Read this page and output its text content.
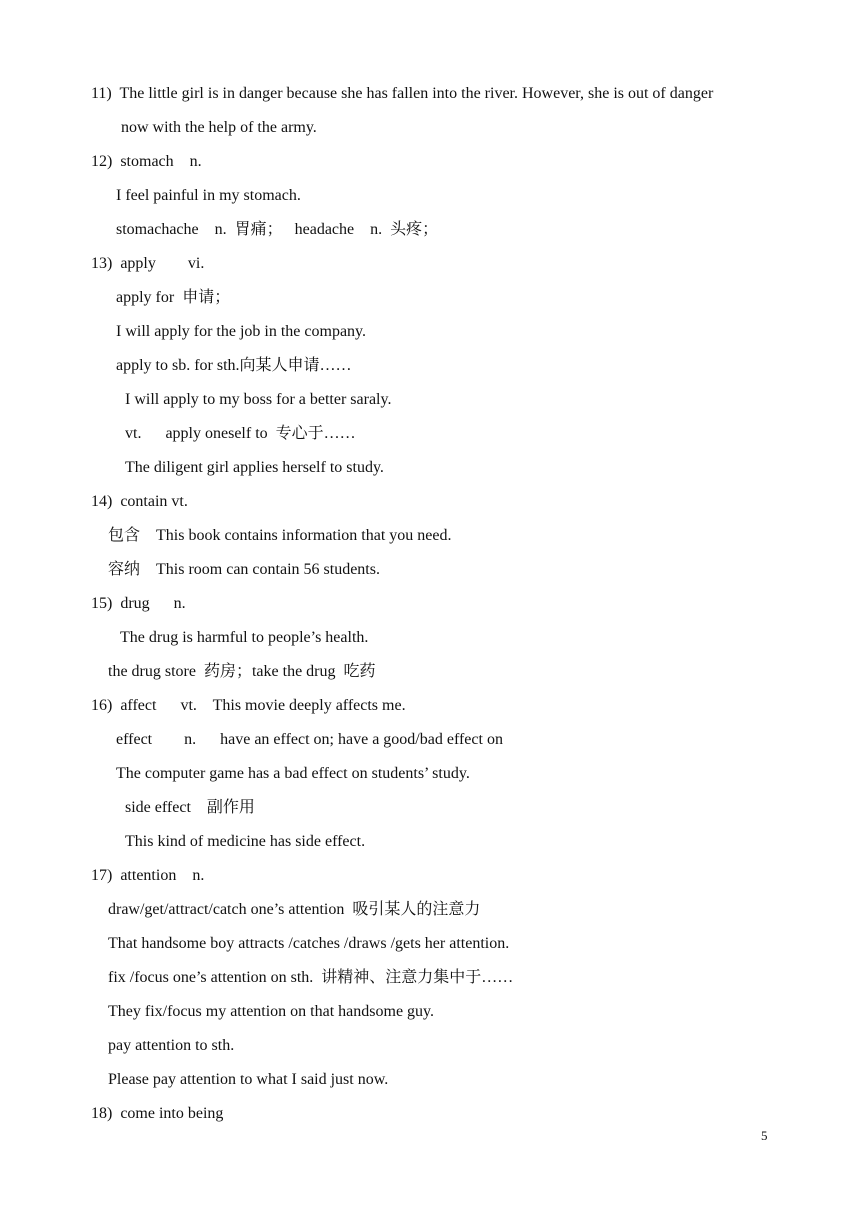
11)  The little girl is in danger because she has fallen into the river. However, she is out of danger
now with the help of the army.
12)  stomach    n.
I feel painful in my stomach.
stomachache    n.  胃痛；   headache    n.  头疼；
13)  apply        vi.
apply for  申请；
I will apply for the job in the company.
apply to sb. for sth.向某人申请……
I will apply to my boss for a better saraly.
vt.      apply oneself to  专心于……
The diligent girl applies herself to study.
14)  contain vt.
包含    This book contains information that you need.
容纳    This room can contain 56 students.
15)  drug      n.
The drug is harmful to people’s health.
the drug store  药房；take the drug  吃药
16)  affect      vt.    This movie deeply affects me.
effect        n.      have an effect on; have a good/bad effect on
The computer game has a bad effect on students’ study.
side effect    副作用
This kind of medicine has side effect.
17)  attention    n.
draw/get/attract/catch one’s attention  吸引某人的注意力
That handsome boy attracts /catches /draws /gets her attention.
fix /focus one’s attention on sth.  讲精神、注意力集中于……
They fix/focus my attention on that handsome guy.
pay attention to sth.
Please pay attention to what I said just now.
18)  come into being
5
